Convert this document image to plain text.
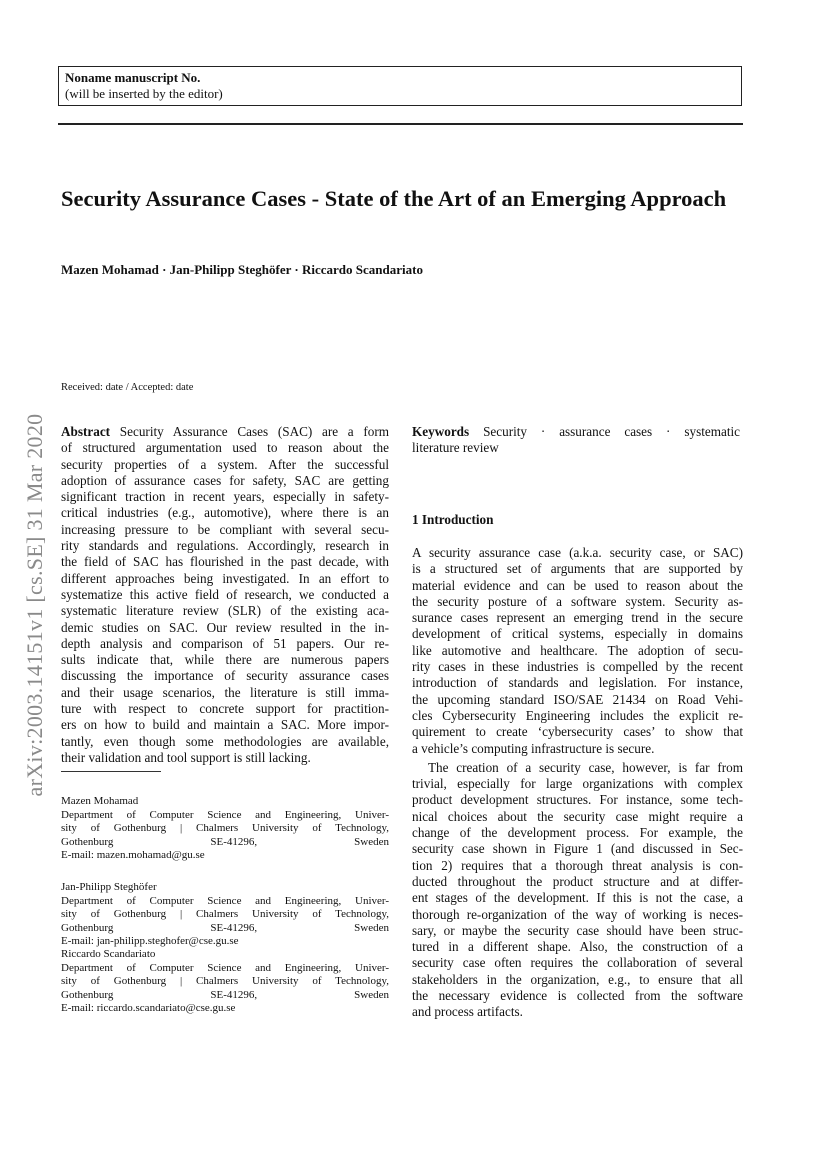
Noname manuscript No.
(will be inserted by the editor)
Security Assurance Cases - State of the Art of an Emerging Approach
Mazen Mohamad · Jan-Philipp Steghöfer · Riccardo Scandariato
arXiv:2003.14151v1 [cs.SE] 31 Mar 2020
Received: date / Accepted: date
Abstract Security Assurance Cases (SAC) are a form
of structured argumentation used to reason about the
security properties of a system. After the successful
adoption of assurance cases for safety, SAC are getting
significant traction in recent years, especially in safety-
critical industries (e.g., automotive), where there is an
increasing pressure to be compliant with several secu-
rity standards and regulations. Accordingly, research in
the field of SAC has flourished in the past decade, with
different approaches being investigated. In an effort to
systematize this active field of research, we conducted a
systematic literature review (SLR) of the existing aca-
demic studies on SAC. Our review resulted in the in-
depth analysis and comparison of 51 papers. Our re-
sults indicate that, while there are numerous papers
discussing the importance of security assurance cases
and their usage scenarios, the literature is still imma-
ture with respect to concrete support for practition-
ers on how to build and maintain a SAC. More impor-
tantly, even though some methodologies are available,
their validation and tool support is still lacking.
Keywords Security · assurance cases · systematic
literature review
1 Introduction
A security assurance case (a.k.a. security case, or SAC)
is a structured set of arguments that are supported by
material evidence and can be used to reason about the
the security posture of a software system. Security as-
surance cases represent an emerging trend in the secure
development of critical systems, especially in domains
like automotive and healthcare. The adoption of secu-
rity cases in these industries is compelled by the recent
introduction of standards and legislation. For instance,
the upcoming standard ISO/SAE 21434 on Road Vehi-
cles Cybersecurity Engineering includes the explicit re-
quirement to create ‘cybersecurity cases’ to show that
a vehicle’s computing infrastructure is secure.
The creation of a security case, however, is far from
trivial, especially for large organizations with complex
product development structures. For instance, some tech-
nical choices about the security case might require a
change of the development process. For example, the
security case shown in Figure 1 (and discussed in Sec-
tion 2) requires that a thorough threat analysis is con-
ducted throughout the product structure and at differ-
ent stages of the development. If this is not the case, a
thorough re-organization of the way of working is neces-
sary, or maybe the security case should have been struc-
tured in a different shape. Also, the construction of a
security case often requires the collaboration of several
stakeholders in the organization, e.g., to ensure that all
the necessary evidence is collected from the software
and process artifacts.
Mazen Mohamad
Department of Computer Science and Engineering, Univer-
sity of Gothenburg | Chalmers University of Technology,
Gothenburg SE-41296, Sweden
E-mail: mazen.mohamad@gu.se
Jan-Philipp Steghöfer
Department of Computer Science and Engineering, Univer-
sity of Gothenburg | Chalmers University of Technology,
Gothenburg SE-41296, Sweden
E-mail: jan-philipp.steghofer@cse.gu.se
Riccardo Scandariato
Department of Computer Science and Engineering, Univer-
sity of Gothenburg | Chalmers University of Technology,
Gothenburg SE-41296, Sweden
E-mail: riccardo.scandariato@cse.gu.se
